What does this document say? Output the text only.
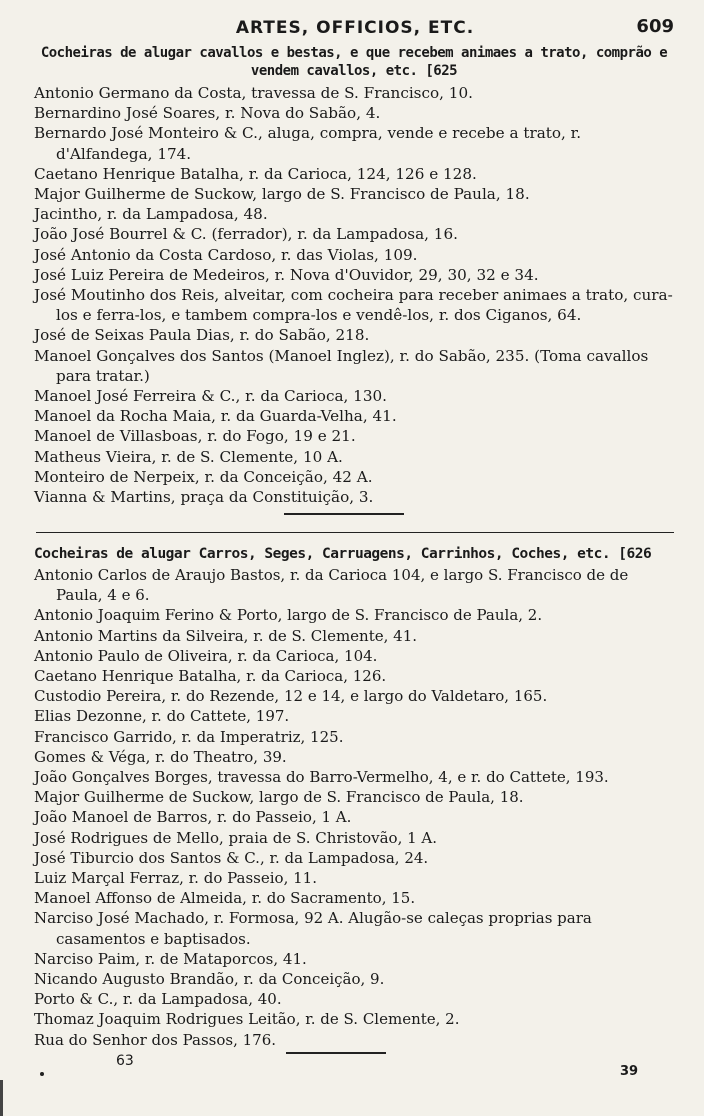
ARTES, OFFICIOS, ETC.	609
Cocheiras de alugar cavallos e bestas, e que recebem animaes a trato, comprão e vendem cavallos, etc. [625
Antonio Germano da Costa, travessa de S. Francisco, 10.
Bernardino José Soares, r. Nova do Sabão, 4.
Bernardo José Monteiro & C., aluga, compra, vende e recebe a trato, r. d'Alfandega, 174.
Caetano Henrique Batalha, r. da Carioca, 124, 126 e 128.
Major Guilherme de Suckow, largo de S. Francisco de Paula, 18.
Jacintho, r. da Lampadosa, 48.
João José Bourrel & C. (ferrador), r. da Lampadosa, 16.
José Antonio da Costa Cardoso, r. das Violas, 109.
José Luiz Pereira de Medeiros, r. Nova d'Ouvidor, 29, 30, 32 e 34.
José Moutinho dos Reis, alveitar, com cocheira para receber animaes a trato, cura-los e ferra-los, e tambem compra-los e vendê-los, r. dos Ciganos, 64.
José de Seixas Paula Dias, r. do Sabão, 218.
Manoel Gonçalves dos Santos (Manoel Inglez), r. do Sabão, 235. (Toma cavallos para tratar.)
Manoel José Ferreira & C., r. da Carioca, 130.
Manoel da Rocha Maia, r. da Guarda-Velha, 41.
Manoel de Villasboas, r. do Fogo, 19 e 21.
Matheus Vieira, r. de S. Clemente, 10 A.
Monteiro de Nerpeix, r. da Conceição, 42 A.
Vianna & Martins, praça da Constituição, 3.
Cocheiras de alugar Carros, Seges, Carruagens, Carrinhos, Coches, etc. [626
Antonio Carlos de Araujo Bastos, r. da Carioca 104, e largo S. Francisco de de Paula, 4 e 6.
Antonio Joaquim Ferino & Porto, largo de S. Francisco de Paula, 2.
Antonio Martins da Silveira, r. de S. Clemente, 41.
Antonio Paulo de Oliveira, r. da Carioca, 104.
Caetano Henrique Batalha, r. da Carioca, 126.
Custodio Pereira, r. do Rezende, 12 e 14, e largo do Valdetaro, 165.
Elias Dezonne, r. do Cattete, 197.
Francisco Garrido, r. da Imperatriz, 125.
Gomes & Véga, r. do Theatro, 39.
João Gonçalves Borges, travessa do Barro-Vermelho, 4, e r. do Cattete, 193.
Major Guilherme de Suckow, largo de S. Francisco de Paula, 18.
João Manoel de Barros, r. do Passeio, 1 A.
José Rodrigues de Mello, praia de S. Christovão, 1 A.
José Tiburcio dos Santos & C., r. da Lampadosa, 24.
Luiz Marçal Ferraz, r. do Passeio, 11.
Manoel Affonso de Almeida, r. do Sacramento, 15.
Narciso José Machado, r. Formosa, 92 A. Alugão-se caleças proprias para casamentos e baptisados.
Narciso Paim, r. de Mataporcos, 41.
Nicando Augusto Brandão, r. da Conceição, 9.
Porto & C., r. da Lampadosa, 40.
Thomaz Joaquim Rodrigues Leitão, r. de S. Clemente, 2.
Rua do Senhor dos Passos, 176.
63
39
